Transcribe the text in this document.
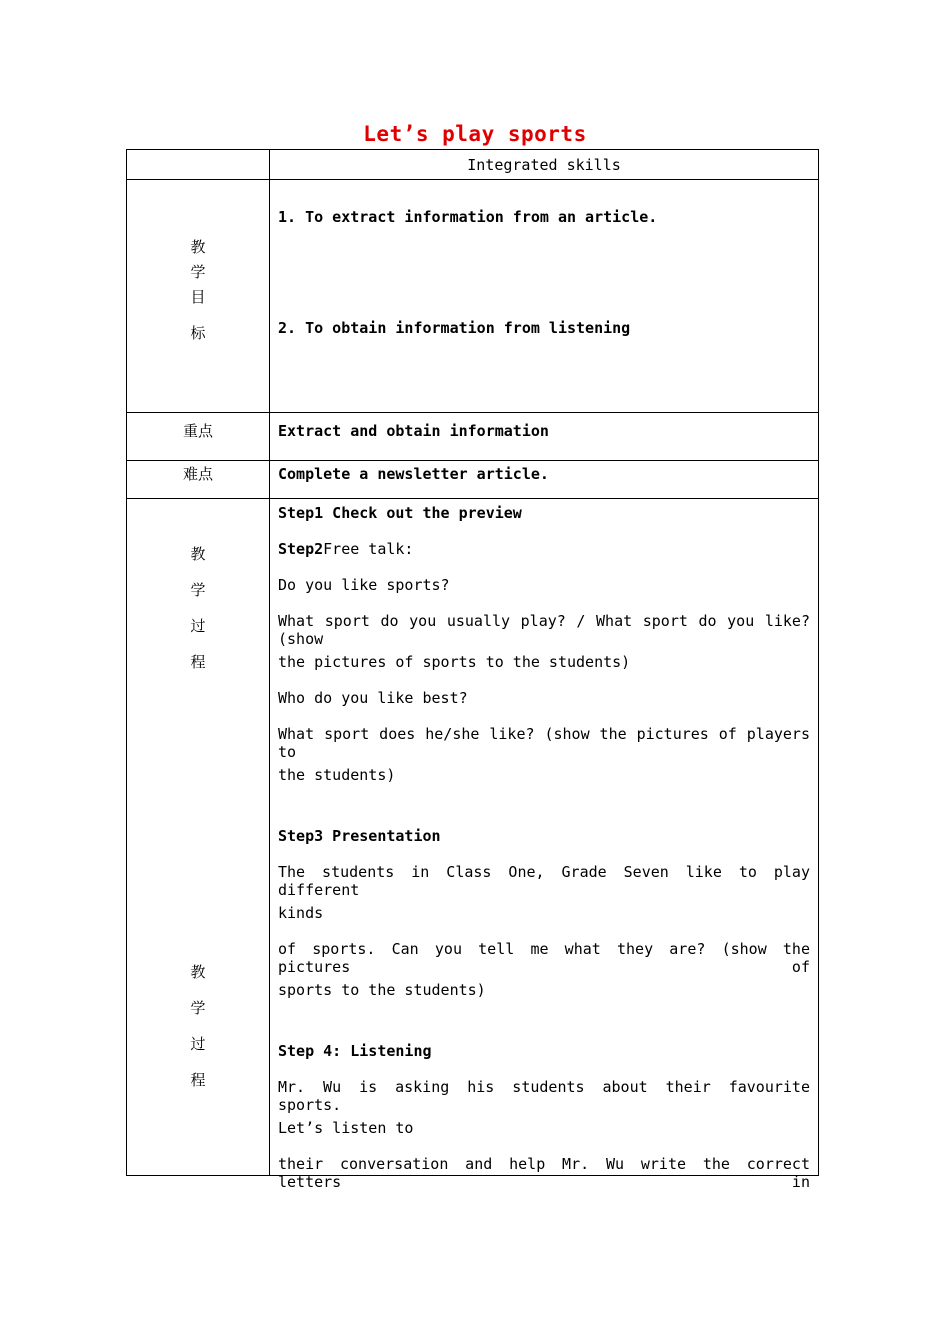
Let’s play sports
Integrated skills
教
学
目
标
1. To extract information from an article.
2. To obtain information from listening
重点	Extract and obtain information
难点	Complete a newsletter article.
教
学
过
程
教
学
过
程
Step1 Check out the preview
Step2Free talk:
Do you like sports?
What sport do you usually play? / What sport do you like?(show
the pictures of sports to the students)
Who do you like best?
What sport does he/she like? (show the pictures of players to
the students)
Step3 Presentation
The students in Class One, Grade Seven like to play different
kinds
of sports. Can you tell me what they are? (show the pictures of
sports to the students)
Step 4: Listening
Mr. Wu is asking his students about their favourite sports.
Let’s listen to
their conversation and help Mr. Wu write the correct letters in
